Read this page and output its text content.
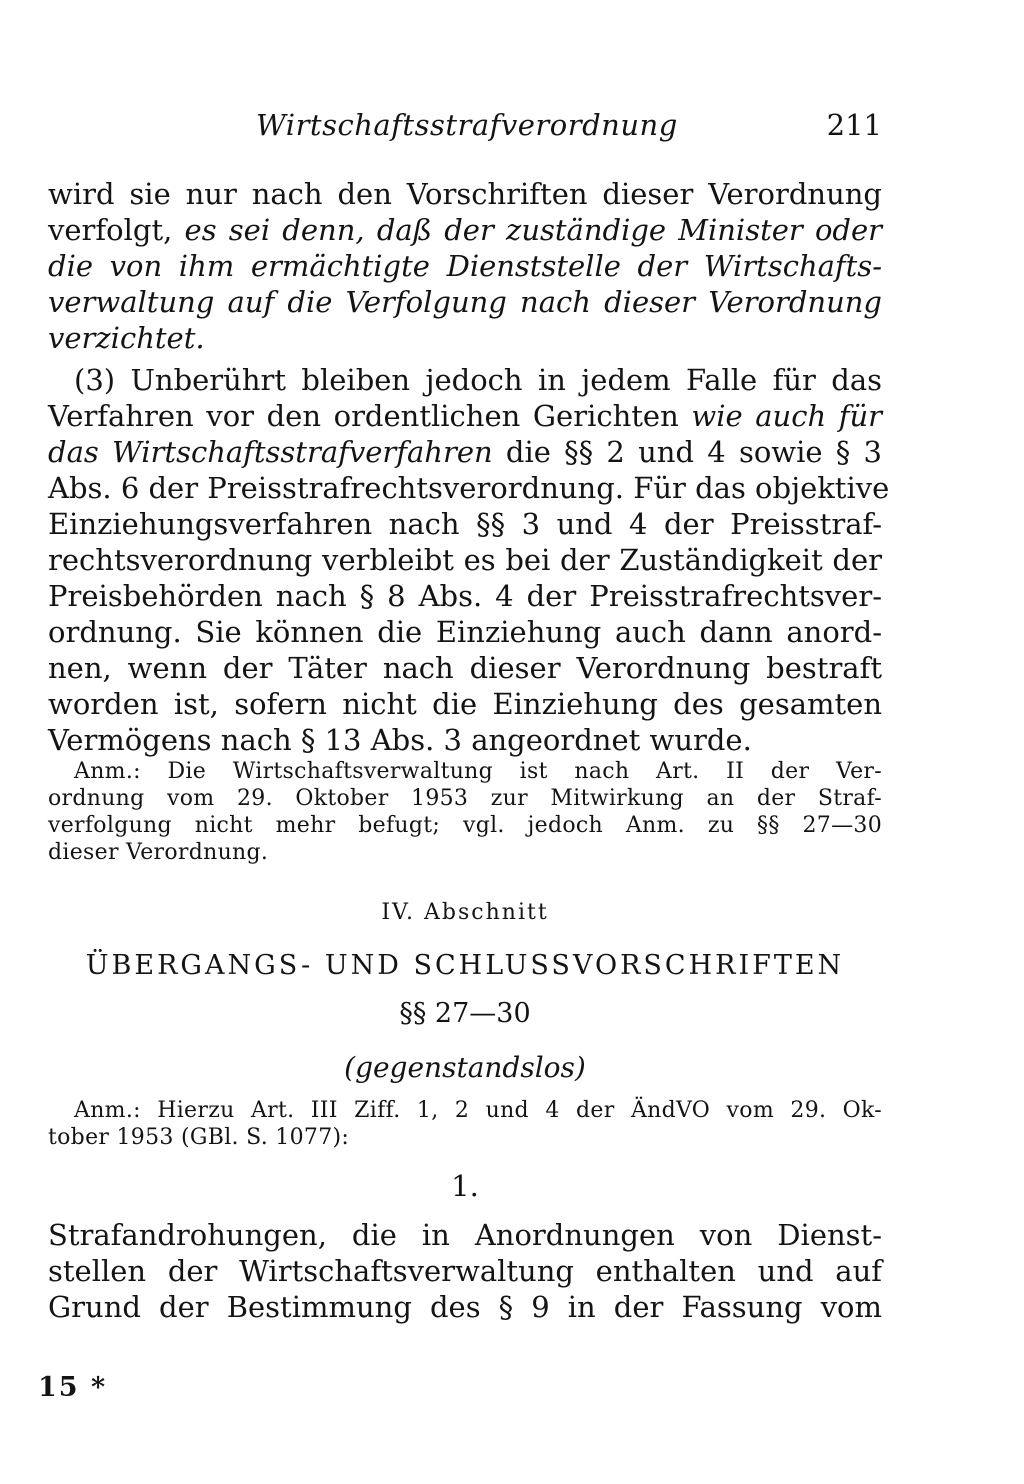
Wirtschaftsstrafverordnung	211
wird sie nur nach den Vorschriften dieser Verordnung
verfolgt, es sei denn, daß der zuständige Minister oder
die von ihm ermächtigte Dienststelle der Wirtschafts-
verwaltung auf die Verfolgung nach dieser Verordnung
verzichtet.
(3) Unberührt bleiben jedoch in jedem Falle für das
Verfahren vor den ordentlichen Gerichten wie auch für
das Wirtschaftsstrafverfahren die §§ 2 und 4 sowie § 3
Abs. 6 der Preisstrafrechtsverordnung. Für das objektive
Einziehungsverfahren nach §§ 3 und 4 der Preisstraf-
rechtsverordnung verbleibt es bei der Zuständigkeit der
Preisbehörden nach § 8 Abs. 4 der Preisstrafrechtsver-
ordnung. Sie können die Einziehung auch dann anord-
nen, wenn der Täter nach dieser Verordnung bestraft
worden ist, sofern nicht die Einziehung des gesamten
Vermögens nach § 13 Abs. 3 angeordnet wurde.
Anm.: Die Wirtschaftsverwaltung ist nach Art. II der Ver-
ordnung vom 29. Oktober 1953 zur Mitwirkung an der Straf-
verfolgung nicht mehr befugt; vgl. jedoch Anm. zu §§ 27—30
dieser Verordnung.
IV. Abschnitt
ÜBERGANGS- UND SCHLUSSVORSCHRIFTEN
§§ 27—30
(gegenstandslos)
Anm.: Hierzu Art. III Ziff. 1, 2 und 4 der ÄndVO vom 29. Ok-
tober 1953 (GBl. S. 1077):
1.
Strafandrohungen, die in Anordnungen von Dienst-
stellen der Wirtschaftsverwaltung enthalten und auf
Grund der Bestimmung des § 9 in der Fassung vom
15 *
